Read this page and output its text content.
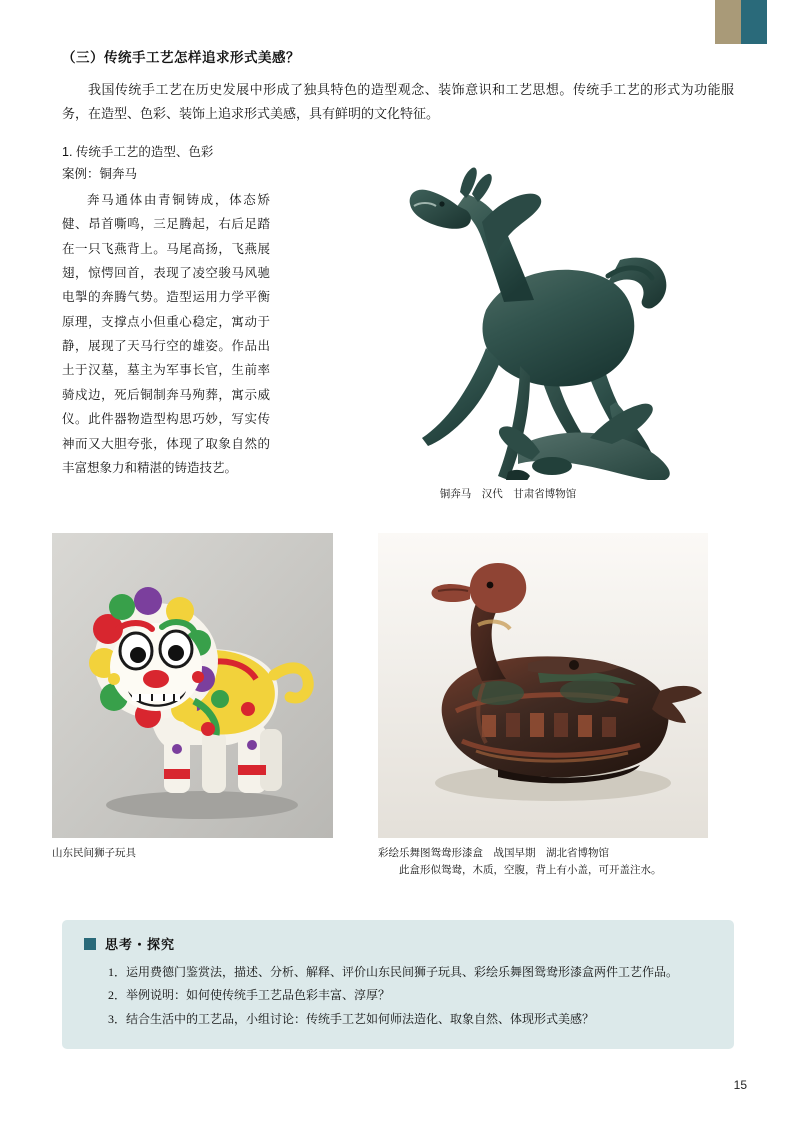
（三）传统手工艺怎样追求形式美感？

我国传统手工艺在历史发展中形成了独具特色的造型观念、装饰意识和工艺思想。传统手工艺的形式为功能服务，在造型、色彩、装饰上追求形式美感，具有鲜明的文化特征。

1. 传统手工艺的造型、色彩

案例：铜奔马

奔马通体由青铜铸成，体态矫健、昂首嘶鸣，三足腾起，右后足踏在一只飞燕背上。马尾高扬，飞燕展翅，惊愕回首，表现了凌空骏马风驰电掣的奔腾气势。造型运用力学平衡原理，支撑点小但重心稳定，寓动于静，展现了天马行空的雄姿。作品出土于汉墓，墓主为军事长官，生前率骑戍边，死后铜制奔马殉葬，寓示威仪。此件器物造型构思巧妙，写实传神而又大胆夸张，体现了取象自然的丰富想象力和精湛的铸造技艺。

铜奔马　汉代　甘肃省博物馆
山东民间狮子玩具	彩绘乐舞图鸳鸯形漆盒　战国早期　湖北省博物馆
此盒形似鸳鸯，木质，空腹，背上有小盖，可开盖注水。
思考・探究

1．运用费德门鉴赏法，描述、分析、解释、评价山东民间狮子玩具、彩绘乐舞图鸳鸯形漆盒两件工艺作品。

2．举例说明：如何使传统手工艺品色彩丰富、淳厚？

3．结合生活中的工艺品，小组讨论：传统手工艺如何师法造化、取象自然、体现形式美感？

15
